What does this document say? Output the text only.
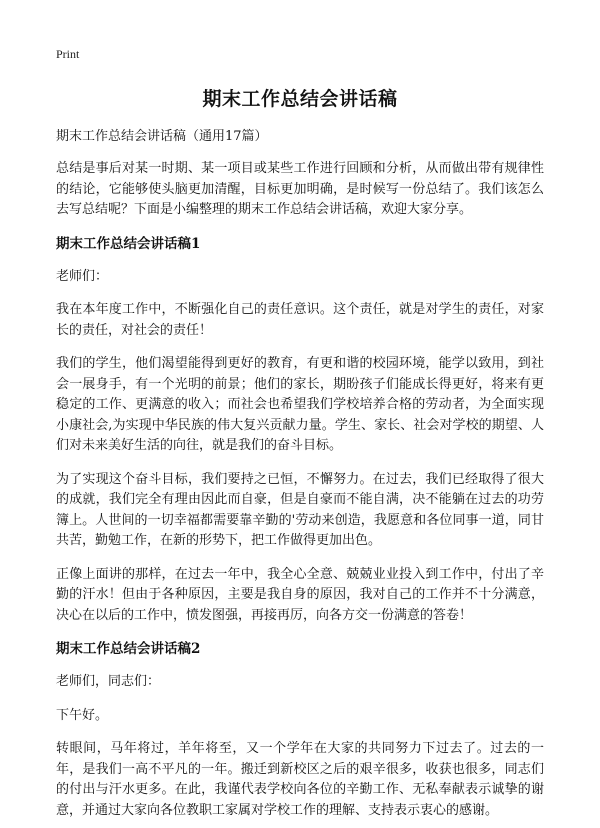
Print
期末工作总结会讲话稿
期末工作总结会讲话稿（通用17篇）

总结是事后对某一时期、某一项目或某些工作进行回顾和分析，从而做出带有规律性的结论，它能够使头脑更加清醒，目标更加明确，是时候写一份总结了。我们该怎么去写总结呢？下面是小编整理的期末工作总结会讲话稿，欢迎大家分享。

期末工作总结会讲话稿1

老师们：

我在本年度工作中，不断强化自己的责任意识。这个责任，就是对学生的责任，对家长的责任，对社会的责任！

我们的学生，他们渴望能得到更好的教育，有更和谐的校园环境，能学以致用，到社会一展身手，有一个光明的前景；他们的家长，期盼孩子们能成长得更好，将来有更稳定的工作、更满意的收入；而社会也希望我们学校培养合格的劳动者，为全面实现小康社会,为实现中华民族的伟大复兴贡献力量。学生、家长、社会对学校的期望、人们对未来美好生活的向往，就是我们的奋斗目标。

为了实现这个奋斗目标，我们要持之已恒，不懈努力。在过去，我们已经取得了很大的成就，我们完全有理由因此而自豪，但是自豪而不能自满，决不能躺在过去的功劳簿上。人世间的一切幸福都需要靠辛勤的'劳动来创造，我愿意和各位同事一道，同甘共苦，勤勉工作，在新的形势下，把工作做得更加出色。

正像上面讲的那样，在过去一年中，我全心全意、兢兢业业投入到工作中，付出了辛勤的汗水！但由于各种原因，主要是我自身的原因，我对自己的工作并不十分满意，决心在以后的工作中，愤发图强，再接再厉，向各方交一份满意的答卷！

期末工作总结会讲话稿2

老师们，同志们：

下午好。

转眼间，马年将过，羊年将至，又一个学年在大家的共同努力下过去了。过去的一年，是我们一高不平凡的一年。搬迁到新校区之后的艰辛很多，收获也很多，同志们的付出与汗水更多。在此，我谨代表学校向各位的辛勤工作、无私奉献表示诚挚的谢意，并通过大家向各位教职工家属对学校工作的理解、支持表示衷心的感谢。
